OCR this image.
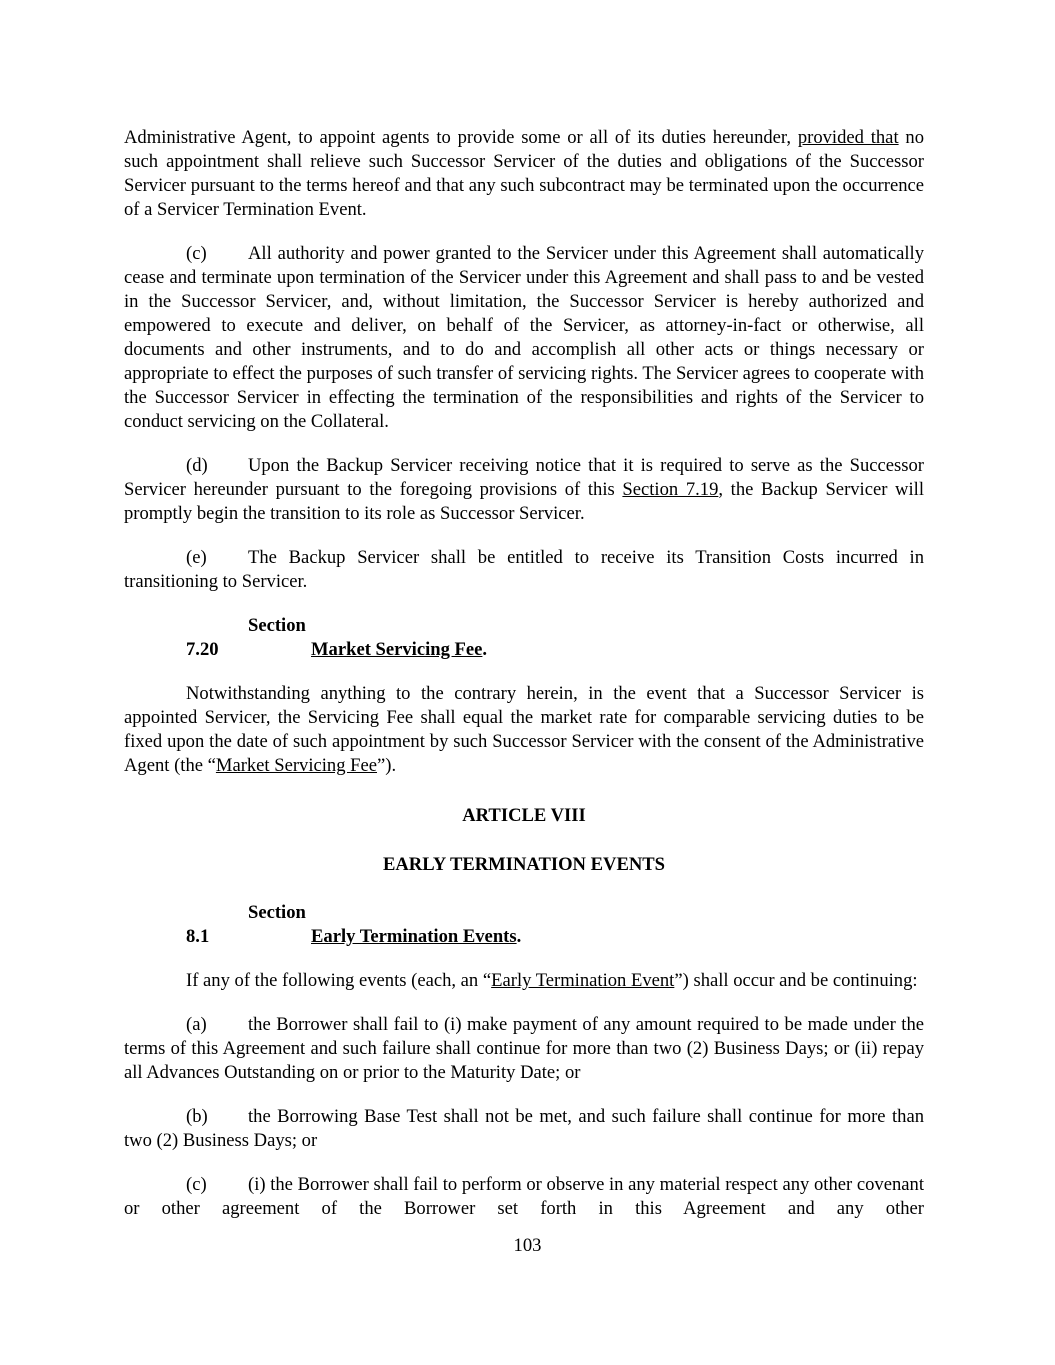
Administrative Agent, to appoint agents to provide some or all of its duties hereunder, provided that no such appointment shall relieve such Successor Servicer of the duties and obligations of the Successor Servicer pursuant to the terms hereof and that any such subcontract may be terminated upon the occurrence of a Servicer Termination Event.

(c) All authority and power granted to the Servicer under this Agreement shall automatically cease and terminate upon termination of the Servicer under this Agreement and shall pass to and be vested in the Successor Servicer, and, without limitation, the Successor Servicer is hereby authorized and empowered to execute and deliver, on behalf of the Servicer, as attorney-in-fact or otherwise, all documents and other instruments, and to do and accomplish all other acts or things necessary or appropriate to effect the purposes of such transfer of servicing rights. The Servicer agrees to cooperate with the Successor Servicer in effecting the termination of the responsibilities and rights of the Servicer to conduct servicing on the Collateral.

(d) Upon the Backup Servicer receiving notice that it is required to serve as the Successor Servicer hereunder pursuant to the foregoing provisions of this Section 7.19, the Backup Servicer will promptly begin the transition to its role as Successor Servicer.

(e) The Backup Servicer shall be entitled to receive its Transition Costs incurred in transitioning to Servicer.

Section 7.20	Market Servicing Fee.

Notwithstanding anything to the contrary herein, in the event that a Successor Servicer is appointed Servicer, the Servicing Fee shall equal the market rate for comparable servicing duties to be fixed upon the date of such appointment by such Successor Servicer with the consent of the Administrative Agent (the “Market Servicing Fee”).

ARTICLE VIII

EARLY TERMINATION EVENTS

Section 8.1	Early Termination Events.

If any of the following events (each, an “Early Termination Event”) shall occur and be continuing:

(a) the Borrower shall fail to (i) make payment of any amount required to be made under the terms of this Agreement and such failure shall continue for more than two (2) Business Days; or (ii) repay all Advances Outstanding on or prior to the Maturity Date; or

(b) the Borrowing Base Test shall not be met, and such failure shall continue for more than two (2) Business Days; or

(c) (i) the Borrower shall fail to perform or observe in any material respect any other covenant or other agreement of the Borrower set forth in this Agreement and any other

103
